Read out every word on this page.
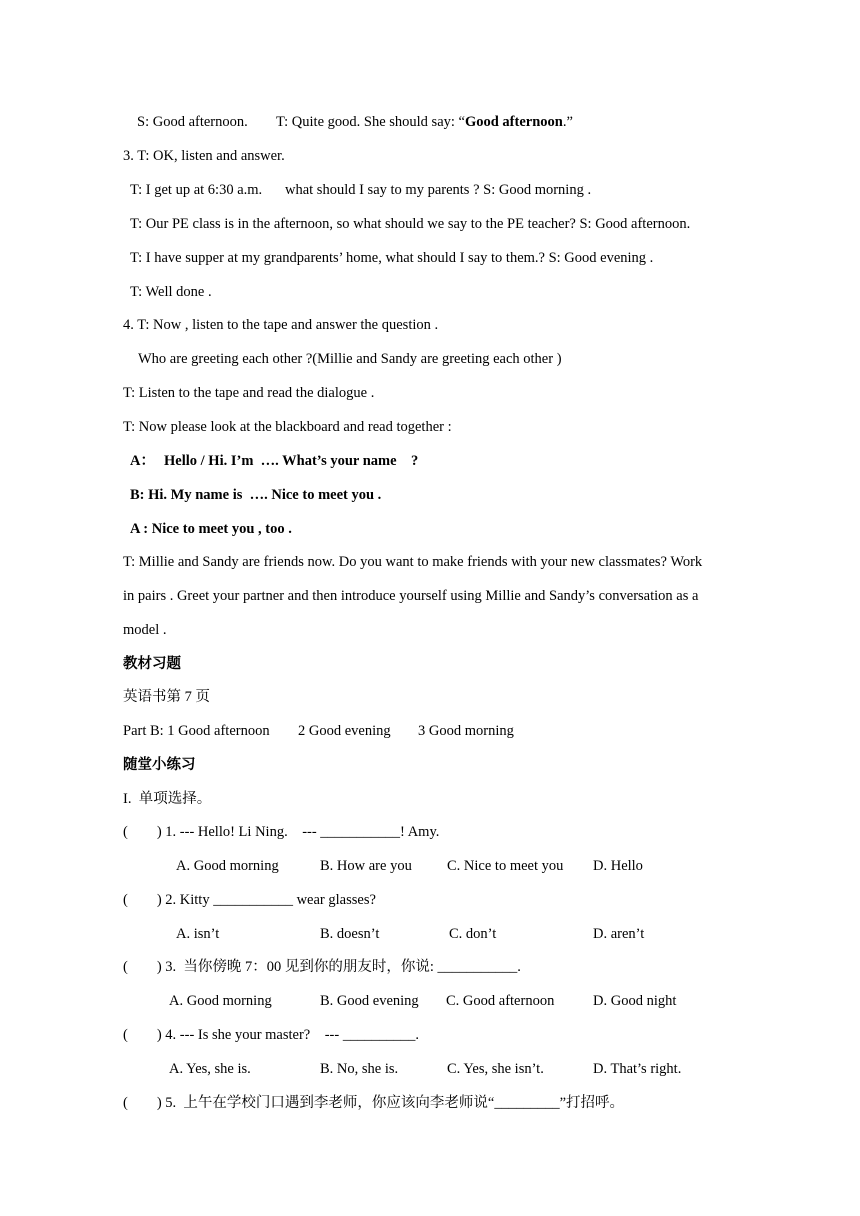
S: Good afternoon. T: Quite good. She should say: “Good afternoon.”
3. T: OK, listen and answer.
T: I get up at 6:30 a.m. what should I say to my parents ? S: Good morning .
T: Our PE class is in the afternoon, so what should we say to the PE teacher? S: Good afternoon.
T: I have supper at my grandparents’ home, what should I say to them.? S: Good evening .
T: Well done .
4. T: Now , listen to the tape and answer the question .
Who are greeting each other ?(Millie and Sandy are greeting each other )
T: Listen to the tape and read the dialogue .
T: Now please look at the blackboard and read together :
A： Hello / Hi. I’m  …. What’s your name    ?
B: Hi. My name is  …. Nice to meet you .
A : Nice to meet you , too .
T: Millie and Sandy are friends now. Do you want to make friends with your new classmates? Work
in pairs . Greet your partner and then introduce yourself using Millie and Sandy’s conversation as a
model .
教材习题
英语书第 7 页
Part B: 1 Good afternoon 2 Good evening 3 Good morning
随堂小练习
I.  单项选择。
(        ) 1. --- Hello! Li Ning.    --- ___________! Amy.
A. Good morning	B. How are you C. Nice to meet you D. Hello
(        ) 2. Kitty ___________ wear glasses?
A. isn’t	B. doesn’t	C. don’t	D. aren’t
(        ) 3.  当你傍晚 7：00 见到你的朋友时，你说: ___________.
A. Good morning	B. Good evening C. Good afternoon	D. Good night
(        ) 4. --- Is she your master?    --- __________.
A. Yes, she is.	B. No, she is.	C. Yes, she isn’t.	D. That’s right.
(        ) 5.  上午在学校门口遇到李老师，你应该向李老师说“_________”打招呼。
